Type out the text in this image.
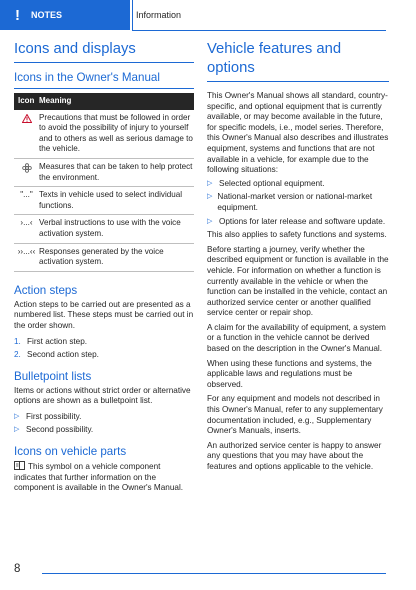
! NOTES	Information
Icons and displays
Icons in the Owner's Manual
Icon	Meaning
	Precautions that must be followed in order to avoid the possibility of injury to yourself and to others as well as serious damage to the vehicle.
	Measures that can be taken to help protect the environment.
"..."	Texts in vehicle used to select individual functions.
›...‹	Verbal instructions to use with the voice activation system.
››...‹‹	Responses generated by the voice activation system.
Action steps

Action steps to be carried out are presented as a numbered list. These steps must be carried out in the order shown.

1. First action step.
2. Second action step.
Bulletpoint lists

Items or actions without strict order or alternative options are shown as a bulletpoint list.

▷ First possibility.
▷ Second possibility.
Icons on vehicle parts

This symbol on a vehicle component indicates that further information on the component is available in the Owner's Manual.

Vehicle features and options

This Owner's Manual shows all standard, country-specific, and optional equipment that is currently available, or may become available in the future, for specific models, i.e., model series. Therefore, this Owner's Manual also describes and illustrates equipment, systems and functions that are not available in a vehicle, for example due to the following situations:

▷ Selected optional equipment.
▷ National-market version or national-market equipment.
▷ Options for later release and software update.

This also applies to safety functions and systems.

Before starting a journey, verify whether the described equipment or function is available in the vehicle. For information on whether a function is currently available in the vehicle or when the function can be installed in the vehicle, contact an authorized service center or another qualified service center or repair shop.

A claim for the availability of equipment, a system or a function in the vehicle cannot be derived based on the description in the Owner's Manual.

When using these functions and systems, the applicable laws and regulations must be observed.

For any equipment and models not described in this Owner's Manual, refer to any supplementary documentation included, e.g., Supplementary Owner's Manuals, inserts.

An authorized service center is happy to answer any questions that you may have about the features and options applicable to the vehicle.

8
